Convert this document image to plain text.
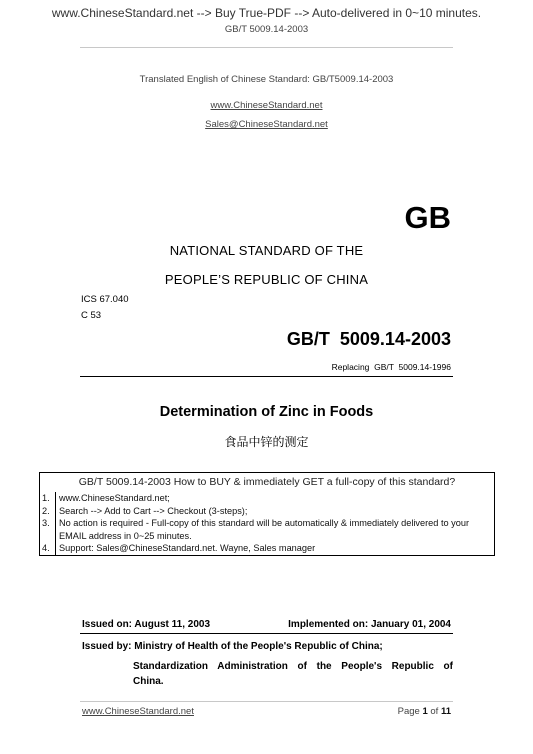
www.ChineseStandard.net --> Buy True-PDF --> Auto-delivered in 0~10 minutes.
GB/T 5009.14-2003
Translated English of Chinese Standard: GB/T5009.14-2003
www.ChineseStandard.net
Sales@ChineseStandard.net
GB
NATIONAL STANDARD OF THE
PEOPLE’S REPUBLIC OF CHINA
ICS 67.040
C 53
GB/T  5009.14-2003
Replacing  GB/T  5009.14-1996
Determination of Zinc in Foods
食品中锌的测定
GB/T 5009.14-2003 How to BUY & immediately GET a full-copy of this standard?
1.	www.ChineseStandard.net;
2.	Search --> Add to Cart --> Checkout (3-steps);
3.	No action is required - Full-copy of this standard will be automatically & immediately delivered to your EMAIL address in 0~25 minutes.
4.	Support: Sales@ChineseStandard.net. Wayne, Sales manager
Issued on: August 11, 2003	Implemented on: January 01, 2004
Issued by: Ministry of Health of the People's Republic of China;
Standardization Administration of the People's Republic of
China.
www.ChineseStandard.net	Page 1 of 11
